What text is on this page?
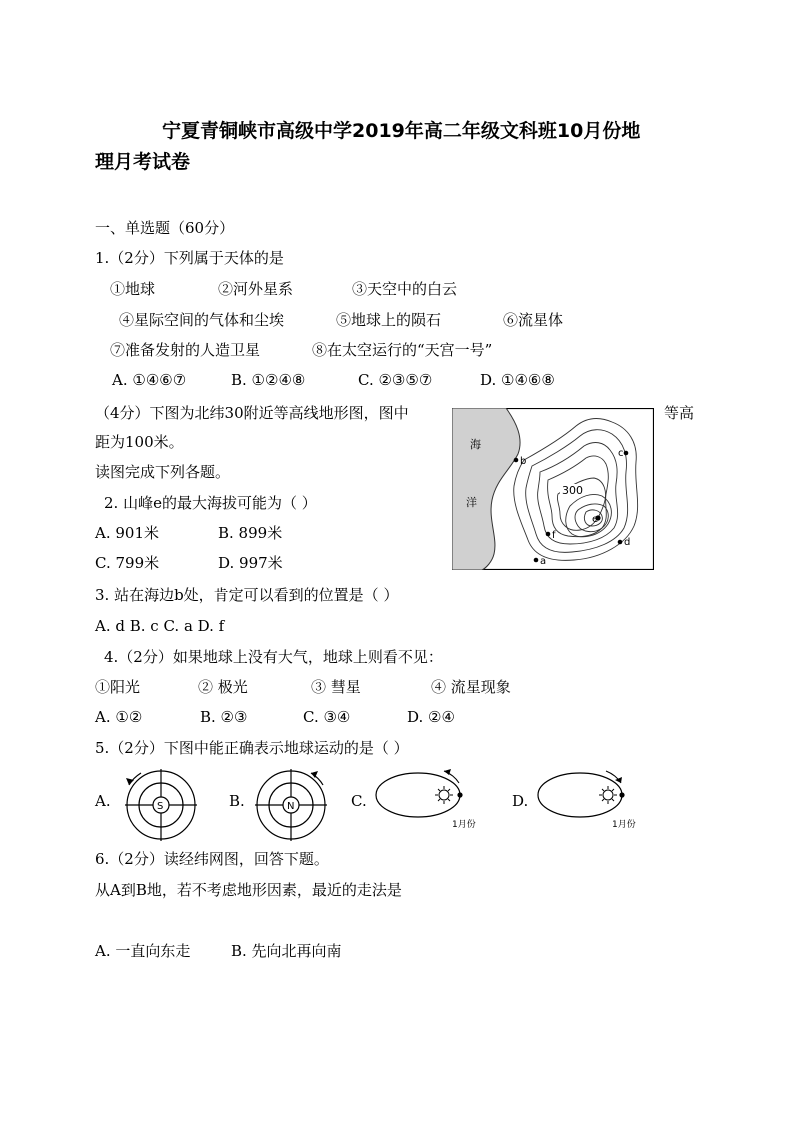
宁夏青铜峡市高级中学2019年高二年级文科班10月份地
理月考试卷
一、单选题（60分）
1.（2分）下列属于天体的是
①地球	②河外星系	③天空中的白云
④星际空间的气体和尘埃	⑤地球上的陨石	⑥流星体
⑦准备发射的人造卫星	⑧在太空运行的“天宫一号”
A. ①④⑥⑦	B. ①②④⑧	C. ②③⑤⑦	D. ①④⑥⑧
（4分）下图为北纬30附近等高线地形图，图中	等高
距为100米。
读图完成下列各题。
海
洋
300
b
c
e
d
f
a
2. 山峰e的最大海拔可能为（ ）
A. 901米	B. 899米
C. 799米	D. 997米
3. 站在海边b处，肯定可以看到的位置是（ ）
A. d B. c C. a D. f
4.（2分）如果地球上没有大气，地球上则看不见：
①阳光	② 极光	③ 彗星	④ 流星现象
A. ①②	B. ②③	C. ③④	D. ②④
5.（2分）下图中能正确表示地球运动的是（ ）
A.	S	B.	N	C.
1月份
D.
1月份
6.（2分）读经纬网图，回答下题。
从A到B地，若不考虑地形因素，最近的走法是
A. 一直向东走	B. 先向北再向南
